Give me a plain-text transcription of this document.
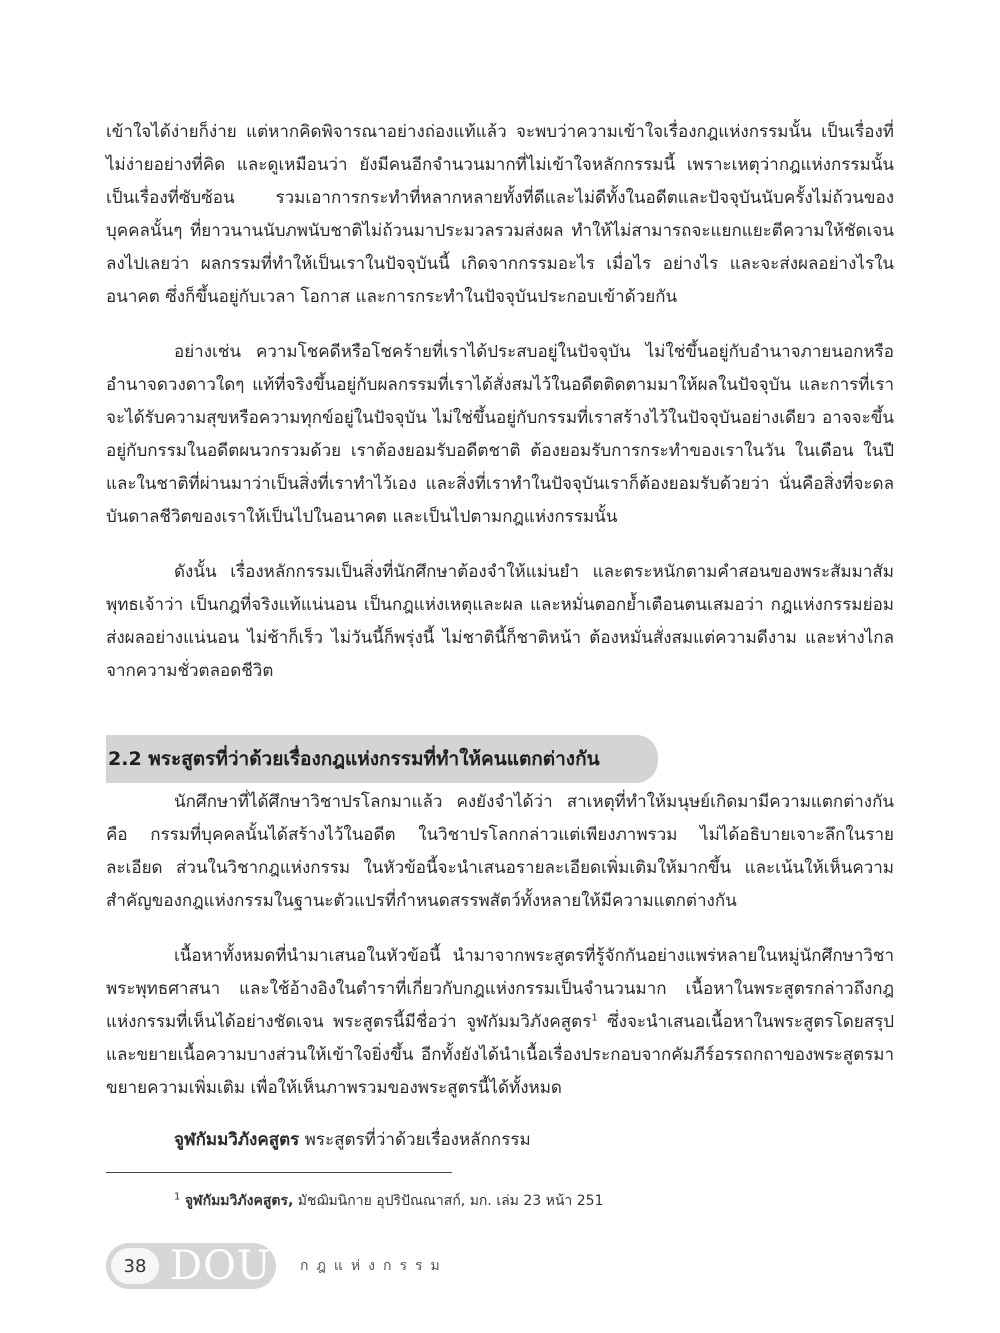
เข้าใจได้ง่ายก็ง่าย แต่หากคิดพิจารณาอย่างถ่องแท้แล้ว จะพบว่าความเข้าใจเรื่องกฎแห่งกรรมนั้น เป็นเรื่องที่ไม่ง่ายอย่างที่คิด และดูเหมือนว่า ยังมีคนอีกจำนวนมากที่ไม่เข้าใจหลักกรรมนี้ เพราะเหตุว่ากฎแห่งกรรมนั้นเป็นเรื่องที่ซับซ้อน รวมเอาการกระทำที่หลากหลายทั้งที่ดีและไม่ดีทั้งในอดีตและปัจจุบันนับครั้งไม่ถ้วนของบุคคลนั้นๆ ที่ยาวนานนับภพนับชาติไม่ถ้วนมาประมวลรวมส่งผล ทำให้ไม่สามารถจะแยกแยะตีความให้ชัดเจนลงไปเลยว่า ผลกรรมที่ทำให้เป็นเราในปัจจุบันนี้ เกิดจากกรรมอะไร เมื่อไร อย่างไร และจะส่งผลอย่างไรในอนาคต ซึ่งก็ขึ้นอยู่กับเวลา โอกาส และการกระทำในปัจจุบันประกอบเข้าด้วยกัน

อย่างเช่น ความโชคดีหรือโชคร้ายที่เราได้ประสบอยู่ในปัจจุบัน ไม่ใช่ขึ้นอยู่กับอำนาจภายนอกหรืออำนาจดวงดาวใดๆ แท้ที่จริงขึ้นอยู่กับผลกรรมที่เราได้สั่งสมไว้ในอดีตติดตามมาให้ผลในปัจจุบัน และการที่เราจะได้รับความสุขหรือความทุกข์อยู่ในปัจจุบัน ไม่ใช่ขึ้นอยู่กับกรรมที่เราสร้างไว้ในปัจจุบันอย่างเดียว อาจจะขึ้นอยู่กับกรรมในอดีตผนวกรวมด้วย เราต้องยอมรับอดีตชาติ ต้องยอมรับการกระทำของเราในวัน ในเดือน ในปี และในชาติที่ผ่านมาว่าเป็นสิ่งที่เราทำไว้เอง และสิ่งที่เราทำในปัจจุบันเราก็ต้องยอมรับด้วยว่า นั่นคือสิ่งที่จะดลบันดาลชีวิตของเราให้เป็นไปในอนาคต และเป็นไปตามกฎแห่งกรรมนั้น

ดังนั้น เรื่องหลักกรรมเป็นสิ่งที่นักศึกษาต้องจำให้แม่นยำ และตระหนักตามคำสอนของพระสัมมาสัมพุทธเจ้าว่า เป็นกฎที่จริงแท้แน่นอน เป็นกฎแห่งเหตุและผล และหมั่นตอกย้ำเตือนตนเสมอว่า กฎแห่งกรรมย่อมส่งผลอย่างแน่นอน ไม่ช้าก็เร็ว ไม่วันนี้ก็พรุ่งนี้ ไม่ชาตินี้ก็ชาติหน้า ต้องหมั่นสั่งสมแต่ความดีงาม และห่างไกลจากความชั่วตลอดชีวิต

2.2 พระสูตรที่ว่าด้วยเรื่องกฎแห่งกรรมที่ทำให้คนแตกต่างกัน

นักศึกษาที่ได้ศึกษาวิชาปรโลกมาแล้ว คงยังจำได้ว่า สาเหตุที่ทำให้มนุษย์เกิดมามีความแตกต่างกัน คือ กรรมที่บุคคลนั้นได้สร้างไว้ในอดีต ในวิชาปรโลกกล่าวแต่เพียงภาพรวม ไม่ได้อธิบายเจาะลึกในรายละเอียด ส่วนในวิชากฎแห่งกรรม ในหัวข้อนี้จะนำเสนอรายละเอียดเพิ่มเติมให้มากขึ้น และเน้นให้เห็นความสำคัญของกฎแห่งกรรมในฐานะตัวแปรที่กำหนดสรรพสัตว์ทั้งหลายให้มีความแตกต่างกัน

เนื้อหาทั้งหมดที่นำมาเสนอในหัวข้อนี้ นำมาจากพระสูตรที่รู้จักกันอย่างแพร่หลายในหมู่นักศึกษาวิชาพระพุทธศาสนา และใช้อ้างอิงในตำราที่เกี่ยวกับกฎแห่งกรรมเป็นจำนวนมาก เนื้อหาในพระสูตรกล่าวถึงกฎแห่งกรรมที่เห็นได้อย่างชัดเจน พระสูตรนี้มีชื่อว่า จูฬกัมมวิภังคสูตร$^1$ ซึ่งจะนำเสนอเนื้อหาในพระสูตรโดยสรุป และขยายเนื้อความบางส่วนให้เข้าใจยิ่งขึ้น อีกทั้งยังได้นำเนื้อเรื่องประกอบจากคัมภีร์อรรถกถาของพระสูตรมาขยายความเพิ่มเติม เพื่อให้เห็นภาพรวมของพระสูตรนี้ได้ทั้งหมด

จูฬกัมมวิภังคสูตร พระสูตรที่ว่าด้วยเรื่องหลักกรรม

$^1$ จูฬกัมมวิภังคสูตร, มัชฌิมนิกาย อุปริปัณณาสก์, มก. เล่ม 23 หน้า 251
38 DOU กฎแห่งกรรม
